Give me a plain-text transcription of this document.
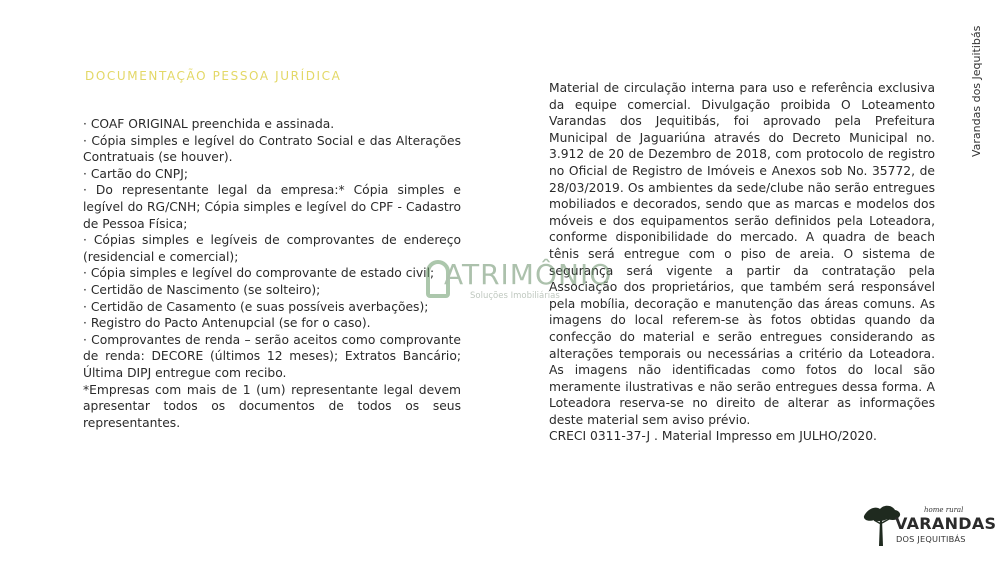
Varandas dos Jequitibás
DOCUMENTAÇÃO PESSOA JURÍDICA

· COAF ORIGINAL preenchida e assinada.

· Cópia simples e legível do Contrato Social e das Alterações Contratuais (se houver).

· Cartão do CNPJ;

· Do representante legal da empresa:* Cópia simples e legível do RG/CNH; Cópia simples e legível do CPF - Cadastro de Pessoa Física;

· Cópias simples e legíveis de comprovantes de endereço (residencial e comercial);

· Cópia simples e legível do comprovante de estado civil;

· Certidão de Nascimento (se solteiro);

· Certidão de Casamento (e suas possíveis averbações);

· Registro do Pacto Antenupcial (se for o caso).

· Comprovantes de renda – serão aceitos como comprovante de renda: DECORE (últimos 12 meses); Extratos Bancário; Última DIPJ entregue com recibo.

*Empresas com mais de 1 (um) representante legal devem apresentar todos os documentos de todos os seus representantes.

Material de circulação interna para uso e referência exclusiva da equipe comercial. Divulgação proibida O Loteamento Varandas dos Jequitibás, foi aprovado pela Prefeitura Municipal de Jaguariúna através do Decreto Municipal no. 3.912 de 20 de Dezembro de 2018, com protocolo de registro no Oficial de Registro de Imóveis e Anexos sob No. 35772, de 28/03/2019. Os ambientes da sede/clube não serão entregues mobiliados e decorados, sendo que as marcas e modelos dos móveis e dos equipamentos serão definidos pela Loteadora, conforme disponibilidade do mercado. A quadra de beach tênis será entregue com o piso de areia. O sistema de segurança será vigente a partir da contratação pela Associação dos proprietários, que também será responsável pela mobília, decoração e manutenção das áreas comuns. As imagens do local referem-se às fotos obtidas quando da confecção do material e serão entregues considerando as alterações temporais ou necessárias a critério da Loteadora. As imagens não identificadas como fotos do local são meramente ilustrativas e não serão entregues dessa forma. A Loteadora reserva-se no direito de alterar as informações deste material sem aviso prévio.

CRECI 0311-37-J . Material Impresso em JULHO/2020.

ATRIMÔNIO
Soluções Imobiliárias
home rural
VARANDAS
DOS JEQUITIBÁS
